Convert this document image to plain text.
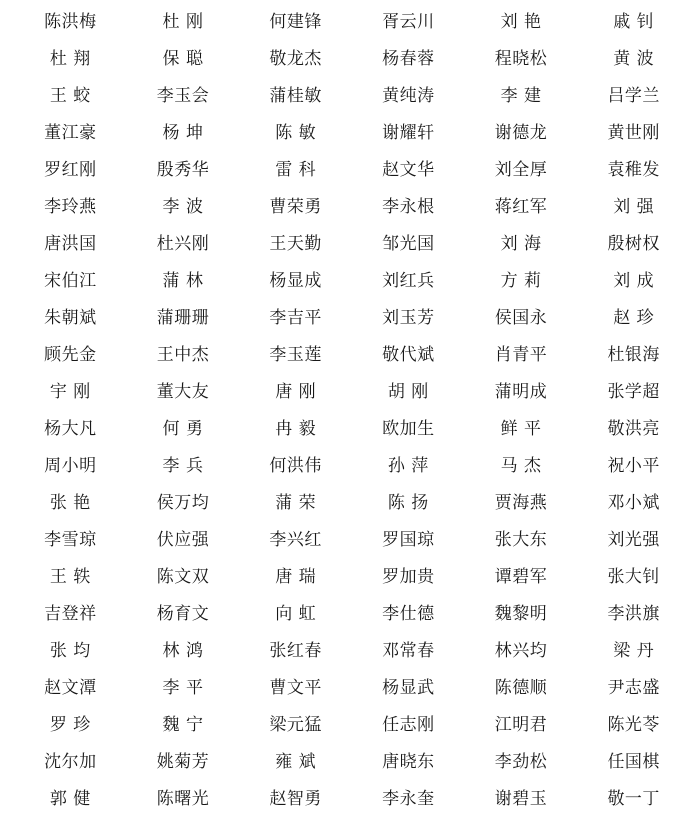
陈洪梅	杜 刚	何建锋	胥云川	刘 艳	戚 钊
杜 翔	保 聪	敬龙杰	杨春蓉	程晓松	黄 波
王 蛟	李玉会	蒲桂敏	黄纯涛	李 建	吕学兰
董江豪	杨 坤	陈 敏	谢耀轩	谢德龙	黄世刚
罗红刚	殷秀华	雷 科	赵文华	刘全厚	袁稚发
李玲燕	李 波	曹荣勇	李永根	蒋红军	刘 强
唐洪国	杜兴刚	王天勤	邹光国	刘 海	殷树权
宋伯江	蒲 林	杨显成	刘红兵	方 莉	刘 成
朱朝斌	蒲珊珊	李吉平	刘玉芳	侯国永	赵 珍
顾先金	王中杰	李玉莲	敬代斌	肖青平	杜银海
宇 刚	董大友	唐 刚	胡 刚	蒲明成	张学超
杨大凡	何 勇	冉 毅	欧加生	鲜 平	敬洪亮
周小明	李 兵	何洪伟	孙 萍	马 杰	祝小平
张 艳	侯万均	蒲 荣	陈 扬	贾海燕	邓小斌
李雪琼	伏应强	李兴红	罗国琼	张大东	刘光强
王 轶	陈文双	唐 瑞	罗加贵	谭碧军	张大钊
吉登祥	杨育文	向 虹	李仕德	魏黎明	李洪旗
张 均	林 鸿	张红春	邓常春	林兴均	梁 丹
赵文潭	李 平	曹文平	杨显武	陈德顺	尹志盛
罗 珍	魏 宁	梁元猛	任志刚	江明君	陈光苓
沈尔加	姚菊芳	雍 斌	唐晓东	李劲松	任国棋
郭 健	陈曙光	赵智勇	李永奎	谢碧玉	敬一丁
